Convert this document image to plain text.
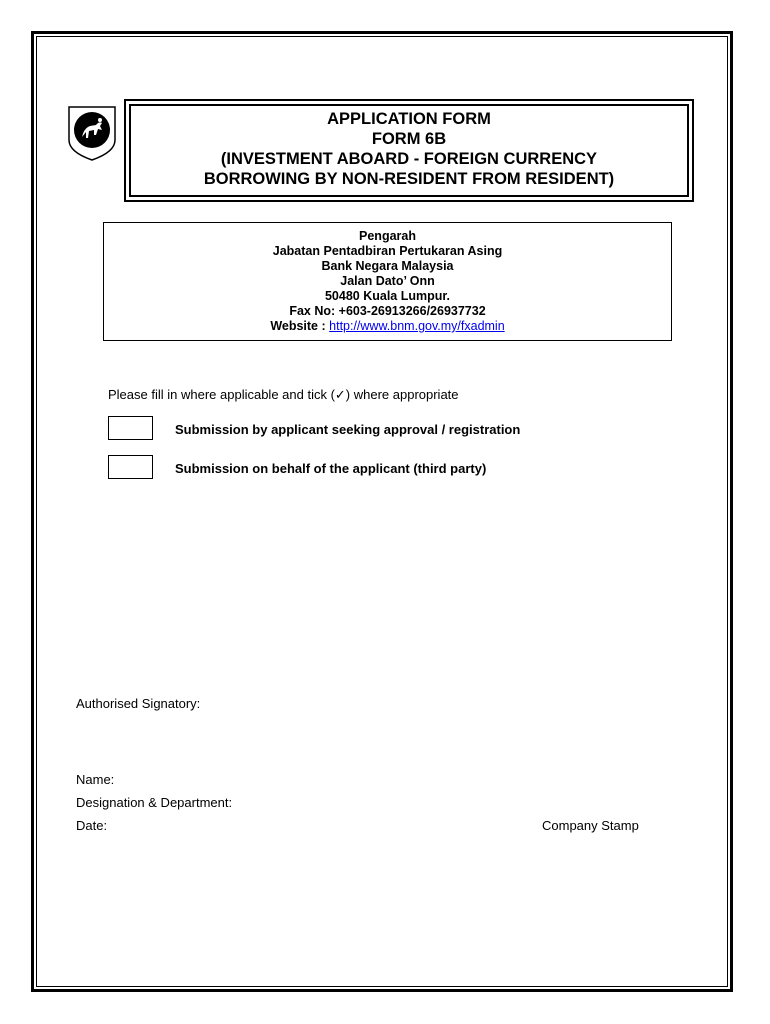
APPLICATION FORM
FORM 6B
(INVESTMENT ABOARD - FOREIGN CURRENCY
BORROWING BY NON-RESIDENT FROM RESIDENT)
Pengarah
Jabatan Pentadbiran Pertukaran Asing
Bank Negara Malaysia
Jalan Dato’ Onn
50480 Kuala Lumpur.
Fax No: +603-26913266/26937732
Website : http://www.bnm.gov.my/fxadmin
Please fill in where applicable and tick (✓) where appropriate
Submission by applicant seeking approval / registration
Submission on behalf of the applicant (third party)
Authorised Signatory:
Name:
Designation & Department:
Date:	Company Stamp
